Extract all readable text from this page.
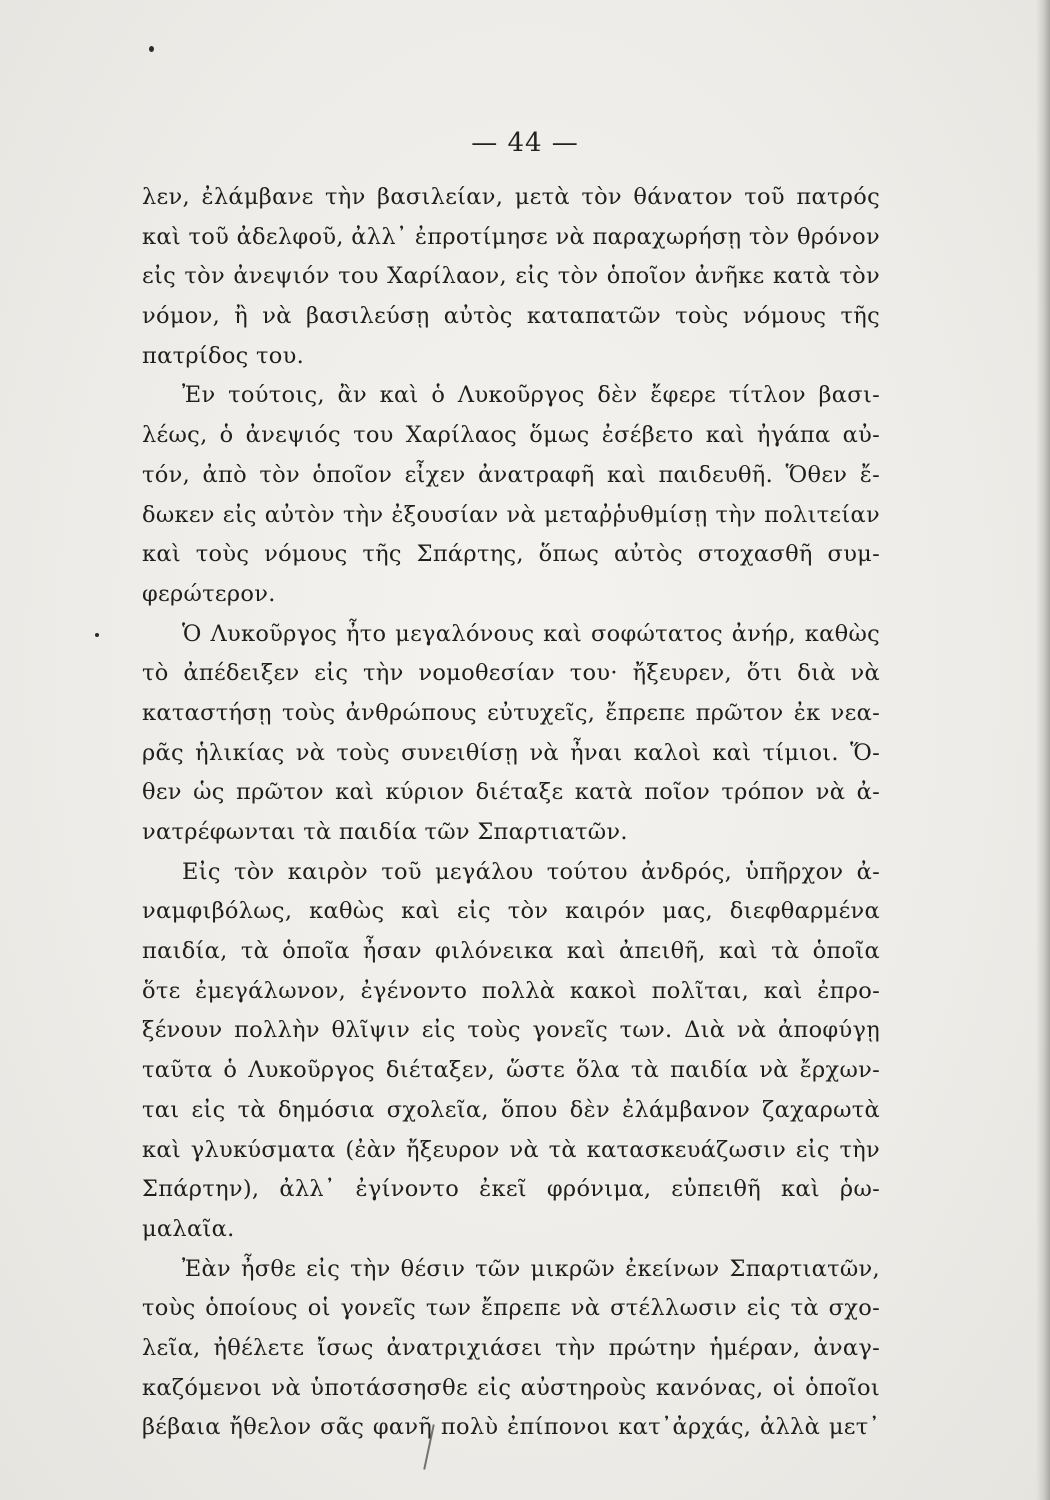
— 44 —
λεν, ἐλάμβανε τὴν βασιλείαν, μετὰ τὸν θάνατον τοῦ πατρός
καὶ τοῦ ἀδελφοῦ, ἀλλ᾽ ἐπροτίμησε νὰ παραχωρήσῃ τὸν θρόνον
εἰς τὸν ἀνεψιόν του Χαρίλαον, εἰς τὸν ὁποῖον ἀνῆκε κατὰ τὸν
νόμον, ἢ νὰ βασιλεύσῃ αὐτὸς καταπατῶν τοὺς νόμους τῆς
πατρίδος του.
Ἐν τούτοις, ἂν καὶ ὁ Λυκοῦργος δὲν ἔφερε τίτλον βασι-
λέως, ὁ ἀνεψιός του Χαρίλαος ὅμως ἐσέβετο καὶ ἠγάπα αὐ-
τόν, ἀπὸ τὸν ὁποῖον εἶχεν ἀνατραφῆ καὶ παιδευθῆ. Ὅθεν ἔ-
δωκεν εἰς αὐτὸν τὴν ἐξουσίαν νὰ μεταῤῥυθμίσῃ τὴν πολιτείαν
καὶ τοὺς νόμους τῆς Σπάρτης, ὅπως αὐτὸς στοχασθῆ συμ-
φερώτερον.
Ὁ Λυκοῦργος ἦτο μεγαλόνους καὶ σοφώτατος ἀνήρ, καθὼς
τὸ ἀπέδειξεν εἰς τὴν νομοθεσίαν του· ἤξευρεν, ὅτι διὰ νὰ
καταστήσῃ τοὺς ἀνθρώπους εὐτυχεῖς, ἔπρεπε πρῶτον ἐκ νεα-
ρᾶς ἡλικίας νὰ τοὺς συνειθίσῃ νὰ ἦναι καλοὶ καὶ τίμιοι. Ὅ-
θεν ὡς πρῶτον καὶ κύριον διέταξε κατὰ ποῖον τρόπον νὰ ἀ-
νατρέφωνται τὰ παιδία τῶν Σπαρτιατῶν.
Εἰς τὸν καιρὸν τοῦ μεγάλου τούτου ἀνδρός, ὑπῆρχον ἀ-
ναμφιβόλως, καθὼς καὶ εἰς τὸν καιρόν μας, διεφθαρμένα
παιδία, τὰ ὁποῖα ἦσαν φιλόνεικα καὶ ἀπειθῆ, καὶ τὰ ὁποῖα
ὅτε ἐμεγάλωνον, ἐγένοντο πολλὰ κακοὶ πολῖται, καὶ ἐπρο-
ξένουν πολλὴν θλῖψιν εἰς τοὺς γονεῖς των. Διὰ νὰ ἀποφύγῃ
ταῦτα ὁ Λυκοῦργος διέταξεν, ὥστε ὅλα τὰ παιδία νὰ ἔρχων-
ται εἰς τὰ δημόσια σχολεῖα, ὅπου δὲν ἐλάμβανον ζαχαρωτὰ
καὶ γλυκύσματα (ἐὰν ἤξευρον νὰ τὰ κατασκευάζωσιν εἰς τὴν
Σπάρτην), ἀλλ᾽ ἐγίνοντο ἐκεῖ φρόνιμα, εὐπειθῆ καὶ ῥω-
μαλαῖα.
Ἐὰν ἦσθε εἰς τὴν θέσιν τῶν μικρῶν ἐκείνων Σπαρτιατῶν,
τοὺς ὁποίους οἱ γονεῖς των ἔπρεπε νὰ στέλλωσιν εἰς τὰ σχο-
λεῖα, ἠθέλετε ἴσως ἀνατριχιάσει τὴν πρώτην ἡμέραν, ἀναγ-
καζόμενοι νὰ ὑποτάσσησθε εἰς αὐστηροὺς κανόνας, οἱ ὁποῖοι
βέβαια ἤθελον σᾶς φανῆ πολὺ ἐπίπονοι κατ᾽ἀρχάς, ἀλλὰ μετ᾽
